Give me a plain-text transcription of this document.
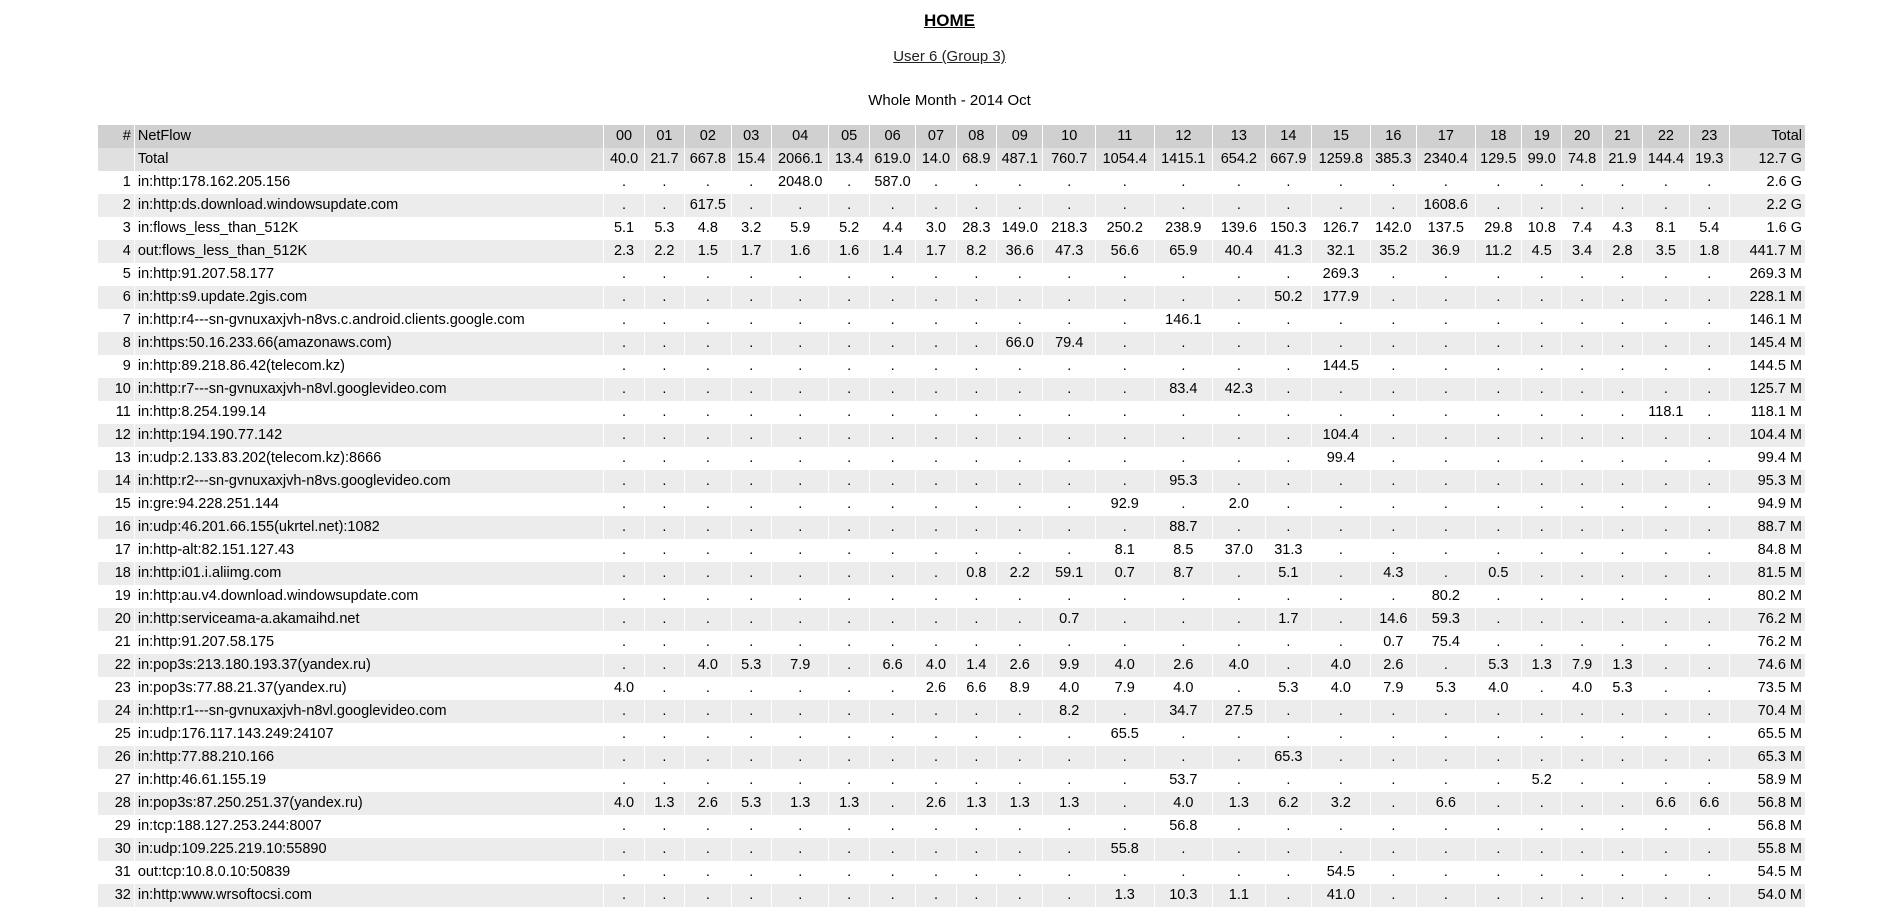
HOME
User 6 (Group 3)
Whole Month - 2014 Oct
#	NetFlow	00	01	02	03	04	05	06	07	08	09	10	11	12	13	14	15	16	17	18	19	20	21	22	23	Total
	Total	40.0	21.7	667.8	15.4	2066.1	13.4	619.0	14.0	68.9	487.1	760.7	1054.4	1415.1	654.2	667.9	1259.8	385.3	2340.4	129.5	99.0	74.8	21.9	144.4	19.3	12.7 G
1	in:http:178.162.205.156	.	.	.	.	2048.0	.	587.0	.	.	.	.	.	.	.	.	.	.	.	.	.	.	.	.	.	2.6 G
2	in:http:ds.download.windowsupdate.com	.	.	617.5	.	.	.	.	.	.	.	.	.	.	.	.	.	.	1608.6	.	.	.	.	.	.	2.2 G
3	in:flows_less_than_512K	5.1	5.3	4.8	3.2	5.9	5.2	4.4	3.0	28.3	149.0	218.3	250.2	238.9	139.6	150.3	126.7	142.0	137.5	29.8	10.8	7.4	4.3	8.1	5.4	1.6 G
4	out:flows_less_than_512K	2.3	2.2	1.5	1.7	1.6	1.6	1.4	1.7	8.2	36.6	47.3	56.6	65.9	40.4	41.3	32.1	35.2	36.9	11.2	4.5	3.4	2.8	3.5	1.8	441.7 M
5	in:http:91.207.58.177	.	.	.	.	.	.	.	.	.	.	.	.	.	.	.	269.3	.	.	.	.	.	.	.	.	269.3 M
6	in:http:s9.update.2gis.com	.	.	.	.	.	.	.	.	.	.	.	.	.	.	50.2	177.9	.	.	.	.	.	.	.	.	228.1 M
7	in:http:r4---sn-gvnuxaxjvh-n8vs.c.android.clients.google.com	.	.	.	.	.	.	.	.	.	.	.	.	146.1	.	.	.	.	.	.	.	.	.	.	.	146.1 M
8	in:https:50.16.233.66(amazonaws.com)	.	.	.	.	.	.	.	.	.	66.0	79.4	.	.	.	.	.	.	.	.	.	.	.	.	.	145.4 M
9	in:http:89.218.86.42(telecom.kz)	.	.	.	.	.	.	.	.	.	.	.	.	.	.	.	144.5	.	.	.	.	.	.	.	.	144.5 M
10	in:http:r7---sn-gvnuxaxjvh-n8vl.googlevideo.com	.	.	.	.	.	.	.	.	.	.	.	.	83.4	42.3	.	.	.	.	.	.	.	.	.	.	125.7 M
11	in:http:8.254.199.14	.	.	.	.	.	.	.	.	.	.	.	.	.	.	.	.	.	.	.	.	.	.	118.1	.	118.1 M
12	in:http:194.190.77.142	.	.	.	.	.	.	.	.	.	.	.	.	.	.	.	104.4	.	.	.	.	.	.	.	.	104.4 M
13	in:udp:2.133.83.202(telecom.kz):8666	.	.	.	.	.	.	.	.	.	.	.	.	.	.	.	99.4	.	.	.	.	.	.	.	.	99.4 M
14	in:http:r2---sn-gvnuxaxjvh-n8vs.googlevideo.com	.	.	.	.	.	.	.	.	.	.	.	.	95.3	.	.	.	.	.	.	.	.	.	.	.	95.3 M
15	in:gre:94.228.251.144	.	.	.	.	.	.	.	.	.	.	.	92.9	.	2.0	.	.	.	.	.	.	.	.	.	.	94.9 M
16	in:udp:46.201.66.155(ukrtel.net):1082	.	.	.	.	.	.	.	.	.	.	.	.	88.7	.	.	.	.	.	.	.	.	.	.	.	88.7 M
17	in:http-alt:82.151.127.43	.	.	.	.	.	.	.	.	.	.	.	8.1	8.5	37.0	31.3	.	.	.	.	.	.	.	.	.	84.8 M
18	in:http:i01.i.aliimg.com	.	.	.	.	.	.	.	.	0.8	2.2	59.1	0.7	8.7	.	5.1	.	4.3	.	0.5	.	.	.	.	.	81.5 M
19	in:http:au.v4.download.windowsupdate.com	.	.	.	.	.	.	.	.	.	.	.	.	.	.	.	.	.	80.2	.	.	.	.	.	.	80.2 M
20	in:http:serviceama-a.akamaihd.net	.	.	.	.	.	.	.	.	.	.	0.7	.	.	.	1.7	.	14.6	59.3	.	.	.	.	.	.	76.2 M
21	in:http:91.207.58.175	.	.	.	.	.	.	.	.	.	.	.	.	.	.	.	.	0.7	75.4	.	.	.	.	.	.	76.2 M
22	in:pop3s:213.180.193.37(yandex.ru)	.	.	4.0	5.3	7.9	.	6.6	4.0	1.4	2.6	9.9	4.0	2.6	4.0	.	4.0	2.6	.	5.3	1.3	7.9	1.3	.	.	74.6 M
23	in:pop3s:77.88.21.37(yandex.ru)	4.0	.	.	.	.	.	.	2.6	6.6	8.9	4.0	7.9	4.0	.	5.3	4.0	7.9	5.3	4.0	.	4.0	5.3	.	.	73.5 M
24	in:http:r1---sn-gvnuxaxjvh-n8vl.googlevideo.com	.	.	.	.	.	.	.	.	.	.	8.2	.	34.7	27.5	.	.	.	.	.	.	.	.	.	.	70.4 M
25	in:udp:176.117.143.249:24107	.	.	.	.	.	.	.	.	.	.	.	65.5	.	.	.	.	.	.	.	.	.	.	.	.	65.5 M
26	in:http:77.88.210.166	.	.	.	.	.	.	.	.	.	.	.	.	.	.	65.3	.	.	.	.	.	.	.	.	.	65.3 M
27	in:http:46.61.155.19	.	.	.	.	.	.	.	.	.	.	.	.	53.7	.	.	.	.	.	.	5.2	.	.	.	.	58.9 M
28	in:pop3s:87.250.251.37(yandex.ru)	4.0	1.3	2.6	5.3	1.3	1.3	.	2.6	1.3	1.3	1.3	.	4.0	1.3	6.2	3.2	.	6.6	.	.	.	.	6.6	6.6	56.8 M
29	in:tcp:188.127.253.244:8007	.	.	.	.	.	.	.	.	.	.	.	.	56.8	.	.	.	.	.	.	.	.	.	.	.	56.8 M
30	in:udp:109.225.219.10:55890	.	.	.	.	.	.	.	.	.	.	.	55.8	.	.	.	.	.	.	.	.	.	.	.	.	55.8 M
31	out:tcp:10.8.0.10:50839	.	.	.	.	.	.	.	.	.	.	.	.	.	.	.	54.5	.	.	.	.	.	.	.	.	54.5 M
32	in:http:www.wrsoftocsi.com	.	.	.	.	.	.	.	.	.	.	.	1.3	10.3	1.1	.	41.0	.	.	.	.	.	.	.	.	54.0 M
